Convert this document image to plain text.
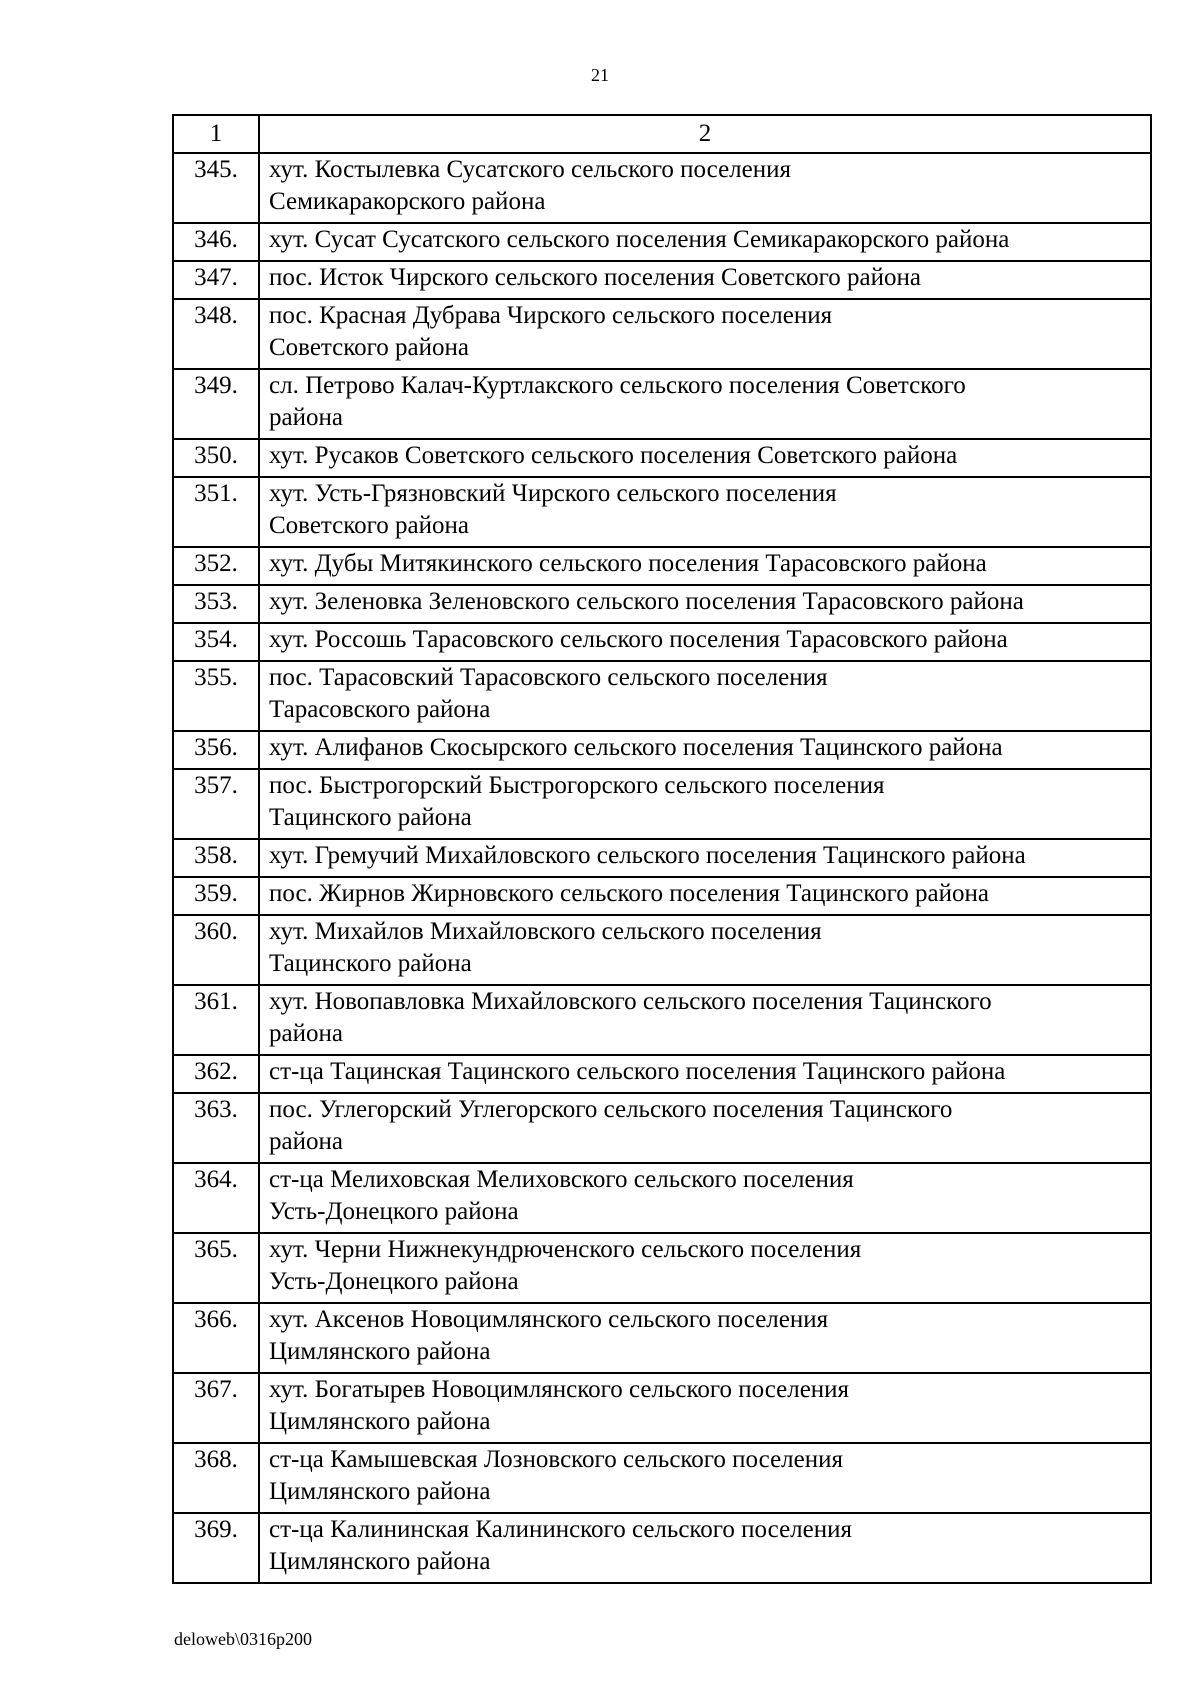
21
1	2
345.	хут. Костылевка Сусатского сельского поселения
Семикаракорского района
346.	хут. Сусат Сусатского сельского поселения Семикаракорского района
347.	пос. Исток Чирского сельского поселения Советского района
348.	пос. Красная Дубрава Чирского сельского поселения
Советского района
349.	сл. Петрово Калач-Куртлакского сельского поселения Советского
района
350.	хут. Русаков Советского сельского поселения Советского района
351.	хут. Усть-Грязновский Чирского сельского поселения
Советского района
352.	хут. Дубы Митякинского сельского поселения Тарасовского района
353.	хут. Зеленовка Зеленовского сельского поселения Тарасовского района
354.	хут. Россошь Тарасовского сельского поселения Тарасовского района
355.	пос. Тарасовский Тарасовского сельского поселения
Тарасовского района
356.	хут. Алифанов Скосырского сельского поселения Тацинского района
357.	пос. Быстрогорский Быстрогорского сельского поселения
Тацинского района
358.	хут. Гремучий Михайловского сельского поселения Тацинского района
359.	пос. Жирнов Жирновского сельского поселения Тацинского района
360.	хут. Михайлов Михайловского сельского поселения
Тацинского района
361.	хут. Новопавловка Михайловского сельского поселения Тацинского
района
362.	ст-ца Тацинская Тацинского сельского поселения Тацинского района
363.	пос. Углегорский Углегорского сельского поселения Тацинского
района
364.	ст-ца Мелиховская Мелиховского сельского поселения
Усть-Донецкого района
365.	хут. Черни Нижнекундрюченского сельского поселения
Усть-Донецкого района
366.	хут. Аксенов Новоцимлянского сельского поселения
Цимлянского района
367.	хут. Богатырев Новоцимлянского сельского поселения
Цимлянского района
368.	ст-ца Камышевская Лозновского сельского поселения
Цимлянского района
369.	ст-ца Калининская Калининского сельского поселения
Цимлянского района
deloweb\0316p200
